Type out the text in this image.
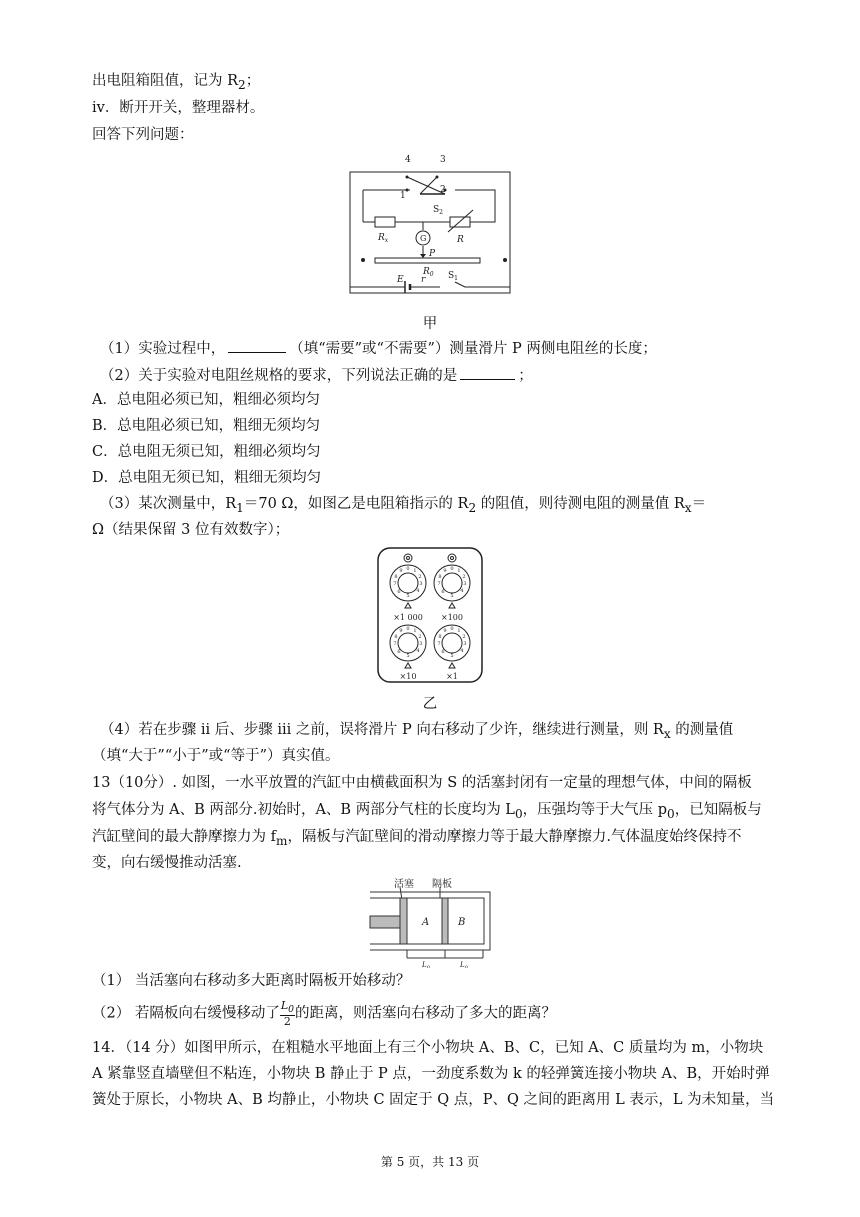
出电阻箱阻值，记为 $R_2$；
iv．断开开关，整理器材。
回答下列问题：
4	3
1
2
$S_2$
$R_x$	R
G
P
$R_0$
E r	$S_1$
甲
（1）实验过程中，	（填“需要”或“不需要”）测量滑片 P 两侧电阻丝的长度；
（2）关于实验对电阻丝规格的要求，下列说法正确的是	；
A．总电阻必须已知，粗细必须均匀
B．总电阻必须已知，粗细无须均匀
C．总电阻无须已知，粗细必须均匀
D．总电阻无须已知，粗细无须均匀
（3）某次测量中，$R_1=70$ Ω，如图乙是电阻箱指示的 $R_2$ 的阻值，则待测电阻的测量值 $R_x=$
Ω（结果保留 3 位有效数字）；
×1 000 ×100
×10	×1
0 1
2
3
4
5
6
7
8
9	0 1
2
3
4
5
6
7
8
9
0 1
2
3
4
5
6
7
8
9	0 1
2
3
4
5
6
7
8
9
乙
（4）若在步骤 ii 后、步骤 iii 之前，误将滑片 P 向右移动了少许，继续进行测量，则 $R_x$ 的测量值
（填“大于”“小于”或“等于”）真实值。
13（10分）. 如图，一水平放置的汽缸中由横截面积为 S 的活塞封闭有一定量的理想气体，中间的隔板
将气体分为 A、B 两部分.初始时，A、B 两部分气柱的长度均为 $L_0$，压强均等于大气压 $p_0$，已知隔板与
汽缸壁间的最大静摩擦力为 $f_m$，隔板与汽缸壁间的滑动摩擦力等于最大静摩擦力.气体温度始终保持不
变，向右缓慢推动活塞.
活塞 隔板
A	B
$L_0$	$L_0$
（1） 当活塞向右移动多大距离时隔板开始移动？
（2） 若隔板向右缓慢移动了 $\frac{L_0}{2}$ 的距离，则活塞向右移动了多大的距离？
14．（14 分）如图甲所示，在粗糙水平地面上有三个小物块 A、B、C，已知 A、C 质量均为 m，小物块
A 紧靠竖直墙壁但不粘连，小物块 B 静止于 P 点，一劲度系数为 k 的轻弹簧连接小物块 A、B，开始时弹
簧处于原长，小物块 A、B 均静止，小物块 C 固定于 Q 点，P、Q 之间的距离用 L 表示，L 为未知量，当
第 5 页，共 13 页
